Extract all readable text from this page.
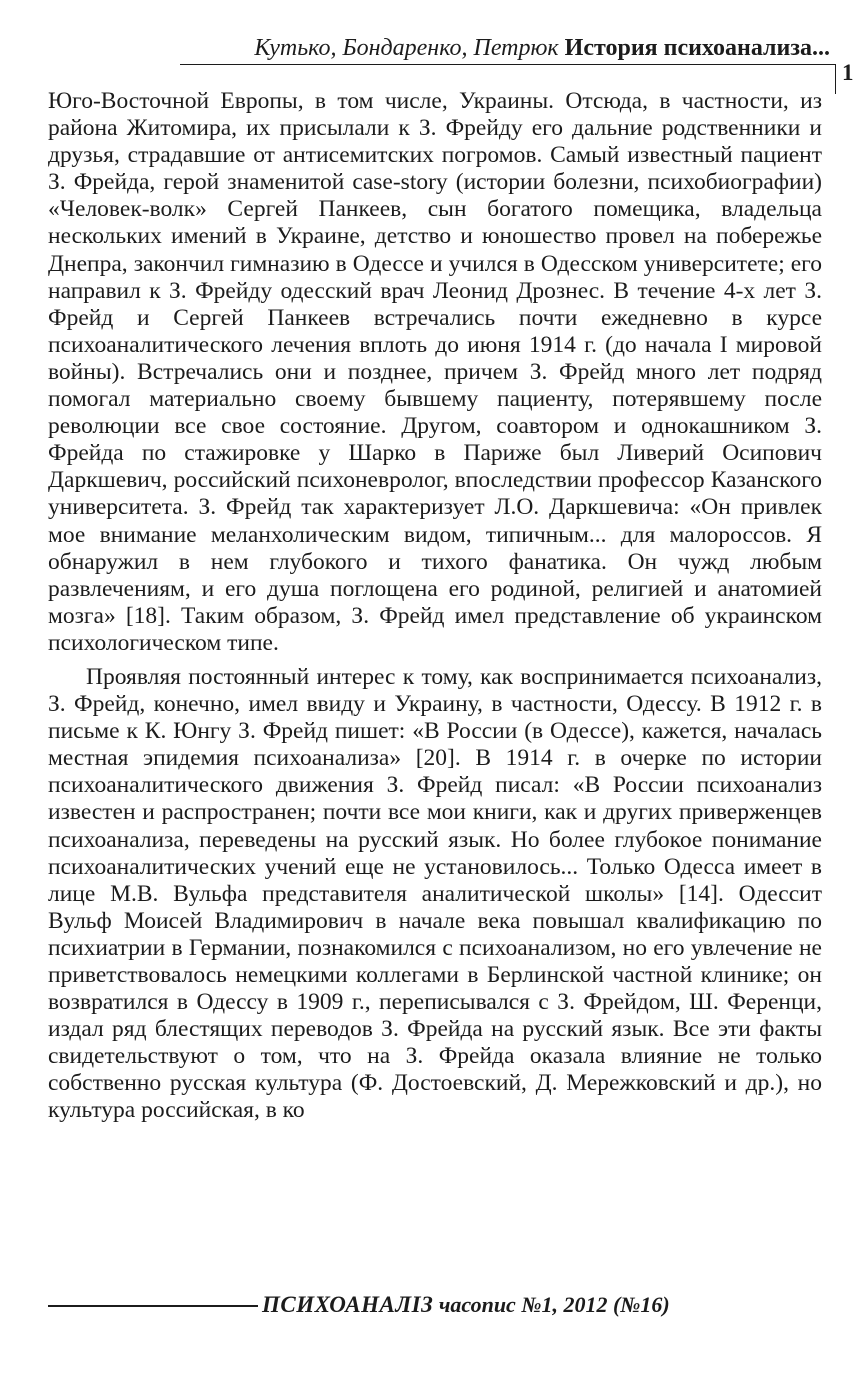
Кутько, Бондаренко, Петрюк История психоанализа...
1

Юго-Восточной Европы, в том числе, Украины. Отсюда, в частности, из района Житомира, их присылали к З. Фрейду его дальние родственники и друзья, страдавшие от антисемитских погромов. Самый известный пациент З. Фрейда, герой знаменитой case-story (истории болезни, психобиографии) «Человек-волк» Сергей Панкеев, сын богатого помещика, владельца нескольких имений в Украине, детство и юношество провел на побережье Днепра, закончил гимназию в Одессе и учился в Одесском университете; его направил к З. Фрейду одесский врач Леонид Дрознес. В течение 4-х лет З. Фрейд и Сергей Панкеев встречались почти ежедневно в курсе психоаналитического лечения вплоть до июня 1914 г. (до начала I мировой войны). Встречались они и позднее, причем З. Фрейд много лет подряд помогал материально своему бывшему пациенту, потерявшему после революции все свое состояние. Другом, соавтором и однокашником З. Фрейда по стажировке у Шарко в Париже был Ливерий Осипович Даркшевич, российский психоневролог, впоследствии профессор Казанского университета. З. Фрейд так характеризует Л.О. Даркшевича: «Он привлек мое внимание меланхолическим видом, типичным... для малороссов. Я обнаружил в нем глубокого и тихого фанатика. Он чужд любым развлечениям, и его душа поглощена его родиной, религией и анатомией мозга» [18]. Таким образом, З. Фрейд имел представление об украинском психологическом типе.

Проявляя постоянный интерес к тому, как воспринимается психоанализ, З. Фрейд, конечно, имел ввиду и Украину, в частности, Одессу. В 1912 г. в письме к К. Юнгу З. Фрейд пишет: «В России (в Одессе), кажется, началась местная эпидемия психоанализа» [20]. В 1914 г. в очерке по истории психоаналитического движения З. Фрейд писал: «В России психоанализ известен и распространен; почти все мои книги, как и других приверженцев психоанализа, переведены на русский язык. Но более глубокое понимание психоаналитических учений еще не установилось... Только Одесса имеет в лице М.В. Вульфа представителя аналитической школы» [14]. Одессит Вульф Моисей Владимирович в начале века повышал квалификацию по психиатрии в Германии, познакомился с психоанализом, но его увлечение не приветствовалось немецкими коллегами в Берлинской частной клинике; он возвратился в Одессу в 1909 г., переписывался с З. Фрейдом, Ш. Ференци, издал ряд блестящих переводов З. Фрейда на русский язык. Все эти факты свидетельствуют о том, что на З. Фрейда оказала влияние не только собственно русская культура (Ф. Достоевский, Д. Мережковский и др.), но культура российская, в ко

ПСИХОАНАЛІЗ часопис №1, 2012 (№16)
